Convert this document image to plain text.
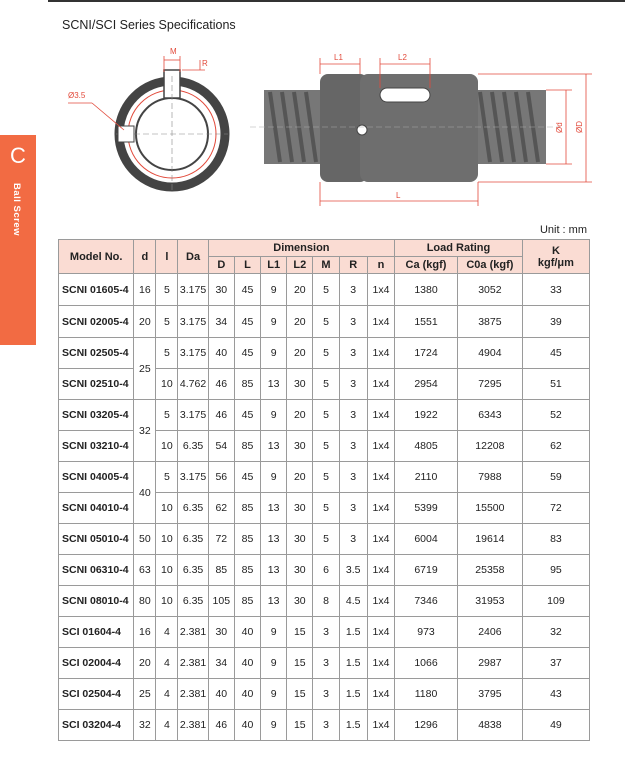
SCNI/SCI Series Specifications
C
Ball Screw
M
R
Ø3.5
L1	L2
L
Ød ØD
Unit : mm
Model No.	d	l	Da	Dimension							Load Rating		K
kgf/μm
				D	L	L1	L2	M	R	n	Ca (kgf)	C0a (kgf)	
SCNI 01605-4	16	5	3.175	30	45	9	20	5	3	1x4	1380	3052	33
SCNI 02005-4	20	5	3.175	34	45	9	20	5	3	1x4	1551	3875	39
SCNI 02505-4	25	5	3.175	40	45	9	20	5	3	1x4	1724	4904	45
SCNI 02510-4		10	4.762	46	85	13	30	5	3	1x4	2954	7295	51
SCNI 03205-4	32	5	3.175	46	45	9	20	5	3	1x4	1922	6343	52
SCNI 03210-4		10	6.35	54	85	13	30	5	3	1x4	4805	12208	62
SCNI 04005-4	40	5	3.175	56	45	9	20	5	3	1x4	2110	7988	59
SCNI 04010-4		10	6.35	62	85	13	30	5	3	1x4	5399	15500	72
SCNI 05010-4	50	10	6.35	72	85	13	30	5	3	1x4	6004	19614	83
SCNI 06310-4	63	10	6.35	85	85	13	30	6	3.5	1x4	6719	25358	95
SCNI 08010-4	80	10	6.35	105	85	13	30	8	4.5	1x4	7346	31953	109
SCI 01604-4	16	4	2.381	30	40	9	15	3	1.5	1x4	973	2406	32
SCI 02004-4	20	4	2.381	34	40	9	15	3	1.5	1x4	1066	2987	37
SCI 02504-4	25	4	2.381	40	40	9	15	3	1.5	1x4	1180	3795	43
SCI 03204-4	32	4	2.381	46	40	9	15	3	1.5	1x4	1296	4838	49
